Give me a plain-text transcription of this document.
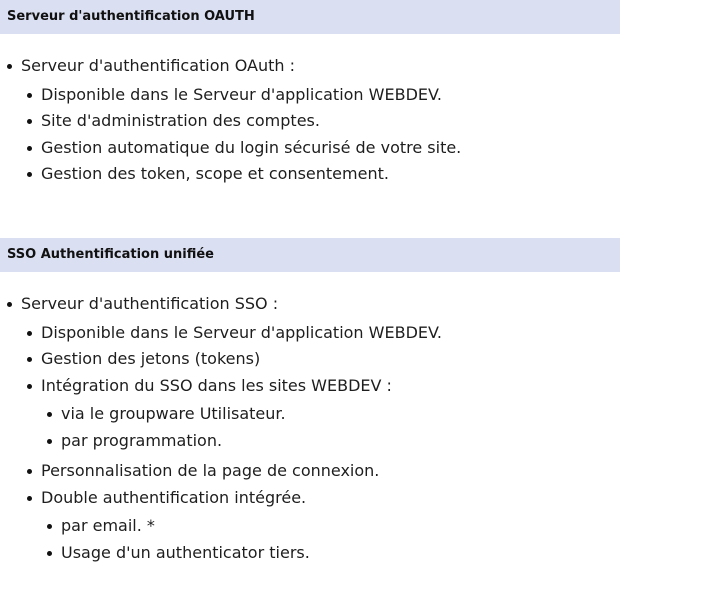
Serveur d'authentification OAUTH
Serveur d'authentification OAuth :
Disponible dans le Serveur d'application WEBDEV.
Site d'administration des comptes.
Gestion automatique du login sécurisé de votre site.
Gestion des token, scope et consentement.
SSO Authentification unifiée
Serveur d'authentification SSO :
Disponible dans le Serveur d'application WEBDEV.
Gestion des jetons (tokens)
Intégration du SSO dans les sites WEBDEV :
via le groupware Utilisateur.
par programmation.
Personnalisation de la page de connexion.
Double authentification intégrée.
par email. *
Usage d'un authenticator tiers.
